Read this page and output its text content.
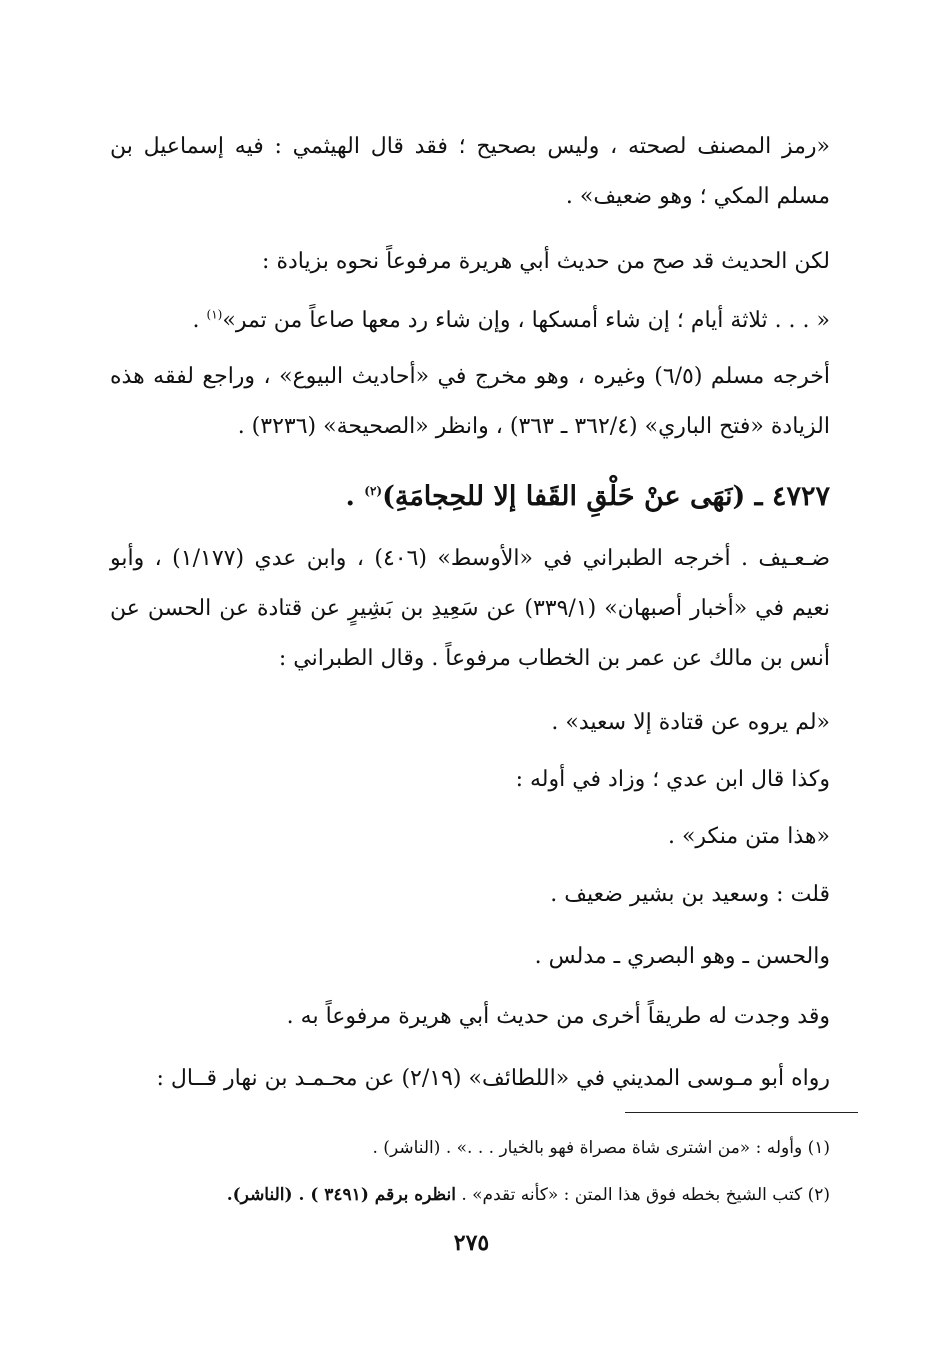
«رمز المصنف لصحته ، وليس بصحيح ؛ فقد قال الهيثمي : فيه إسماعيل بن مسلم المكي ؛ وهو ضعيف» .

لكن الحديث قد صح من حديث أبي هريرة مرفوعاً نحوه بزيادة :

« . . . ثلاثة أيام ؛ إن شاء أمسكها ، وإن شاء رد معها صاعاً من تمر»$^{(١)}$ .

أخرجه مسلم (٦/٥) وغيره ، وهو مخرج في «أحاديث البيوع» ، وراجع لفقه هذه الزيادة «فتح الباري» (٣٦٢/٤ ـ ٣٦٣) ، وانظر «الصحيحة» (٣٢٣٦) .

٤٧٢٧ ـ (نَهَى عنْ حَلْقِ القَفا إلا للحِجامَةِ)$^{(٢)}$ .

ضـعـيف . أخرجه الطبراني في «الأوسط» (٤٠٦) ، وابن عدي (١/١٧٧) ، وأبو نعيم في «أخبار أصبهان» (٣٣٩/١) عن سَعِيدِ بن بَشِيرٍ عن قتادة عن الحسن عن أنس بن مالك عن عمر بن الخطاب مرفوعاً . وقال الطبراني :

«لم يروه عن قتادة إلا سعيد» .

وكذا قال ابن عدي ؛ وزاد في أوله :

«هذا متن منكر» .

قلت : وسعيد بن بشير ضعيف .

والحسن ـ وهو البصري ـ مدلس .

وقد وجدت له طريقاً أخرى من حديث أبي هريرة مرفوعاً به .

رواه أبو مـوسى المديني في «اللطائف» (٢/١٩) عن محـمـد بن نهار قــال :

(١) وأوله : «من اشترى شاة مصراة فهو بالخيار . . .» . (الناشر) .
(٢) كتب الشيخ بخطه فوق هذا المتن : «كأنه تقدم» . انظره برقم (٣٤٩١ ) . (الناشر).
٢٧٥
